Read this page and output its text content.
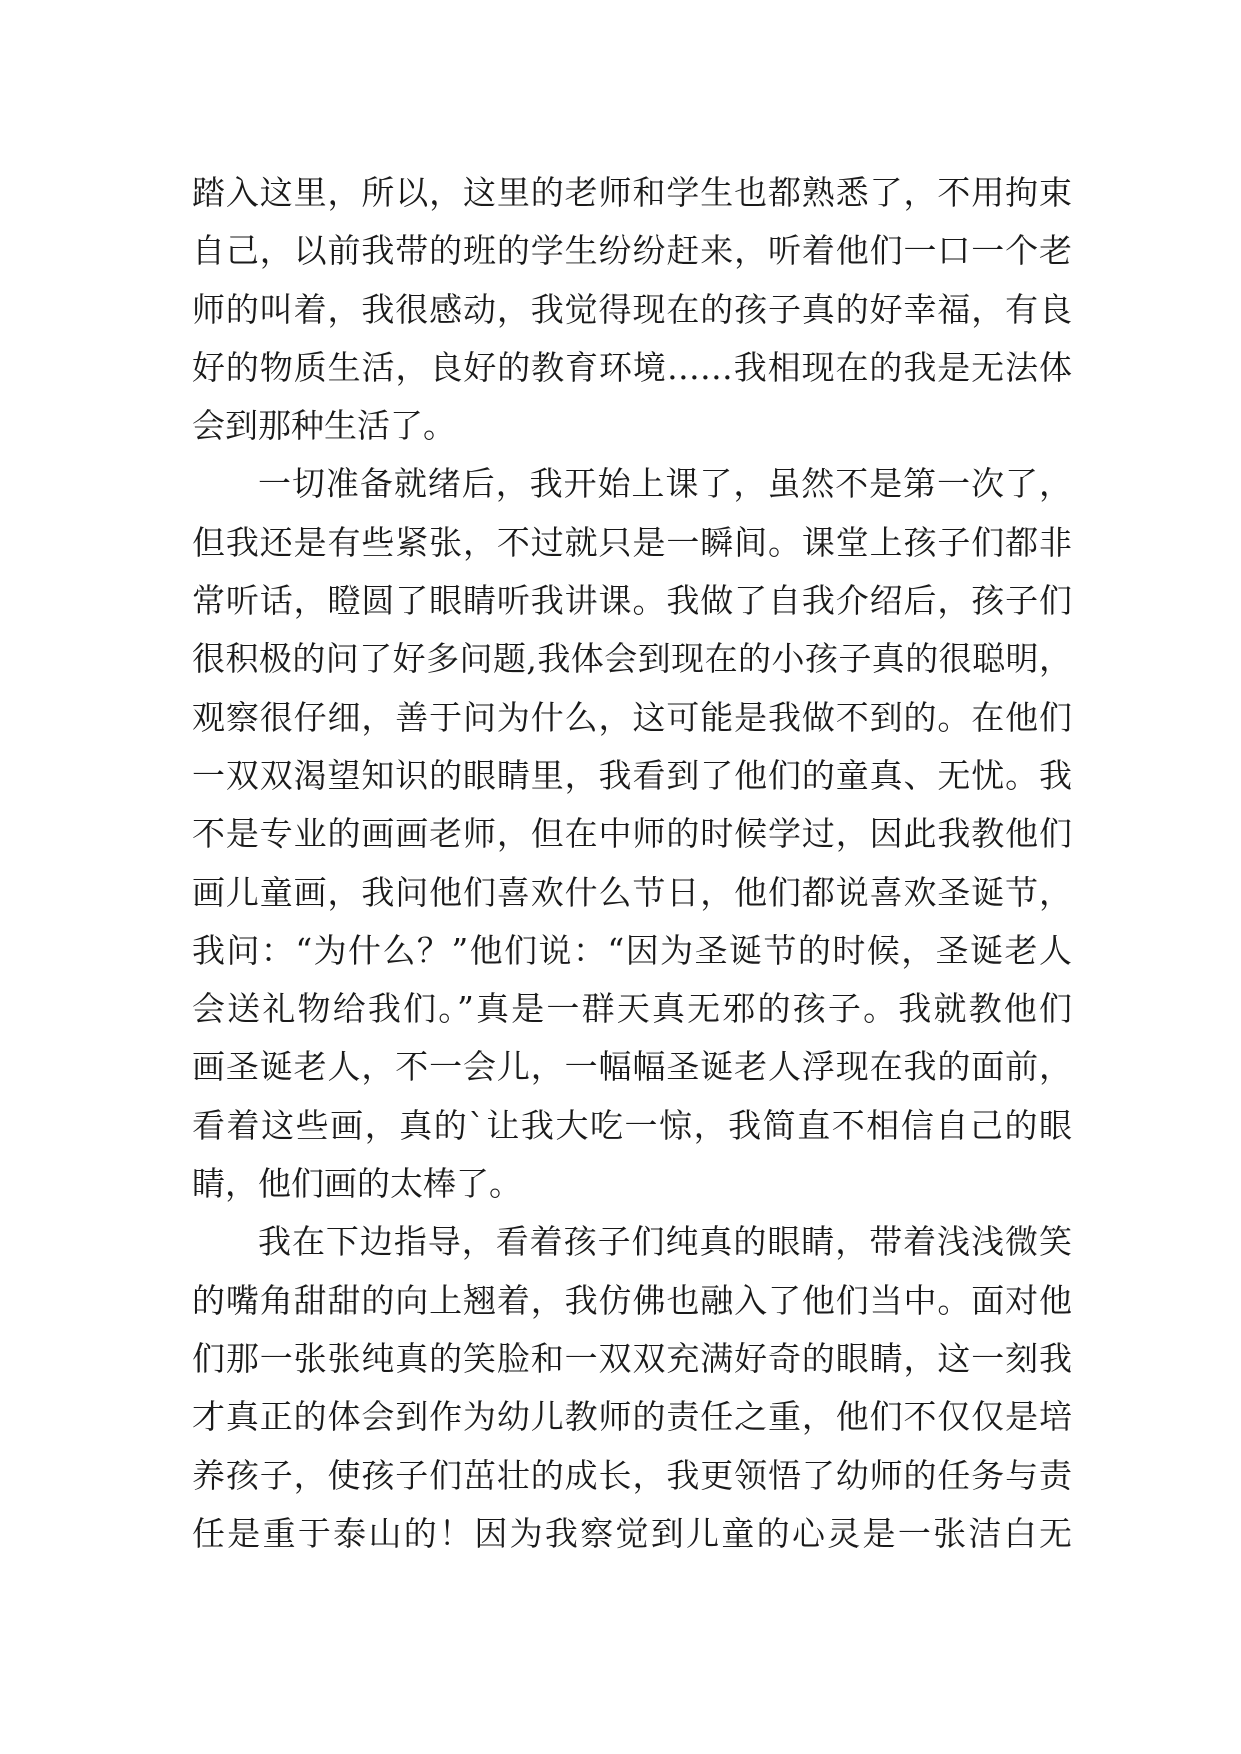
踏入这里，所以，这里的老师和学生也都熟悉了，不用拘束
自己，以前我带的班的学生纷纷赶来，听着他们一口一个老
师的叫着，我很感动，我觉得现在的孩子真的好幸福，有良
好的物质生活，良好的教育环境……我相现在的我是无法体
会到那种生活了。
一切准备就绪后，我开始上课了，虽然不是第一次了，
但我还是有些紧张，不过就只是一瞬间。课堂上孩子们都非
常听话，瞪圆了眼睛听我讲课。我做了自我介绍后，孩子们
很积极的问了好多问题,我体会到现在的小孩子真的很聪明，
观察很仔细，善于问为什么，这可能是我做不到的。在他们
一双双渴望知识的眼睛里，我看到了他们的童真、无忧。我
不是专业的画画老师，但在中师的时候学过，因此我教他们
画儿童画，我问他们喜欢什么节日，他们都说喜欢圣诞节，
我问：“为什么？”他们说：“因为圣诞节的时候，圣诞老人
会送礼物给我们。”真是一群天真无邪的孩子。我就教他们
画圣诞老人，不一会儿，一幅幅圣诞老人浮现在我的面前，
看着这些画，真的`让我大吃一惊，我简直不相信自己的眼
睛，他们画的太棒了。
我在下边指导，看着孩子们纯真的眼睛，带着浅浅微笑
的嘴角甜甜的向上翘着，我仿佛也融入了他们当中。面对他
们那一张张纯真的笑脸和一双双充满好奇的眼睛，这一刻我
才真正的体会到作为幼儿教师的责任之重，他们不仅仅是培
养孩子，使孩子们茁壮的成长，我更领悟了幼师的任务与责
任是重于泰山的！因为我察觉到儿童的心灵是一张洁白无
